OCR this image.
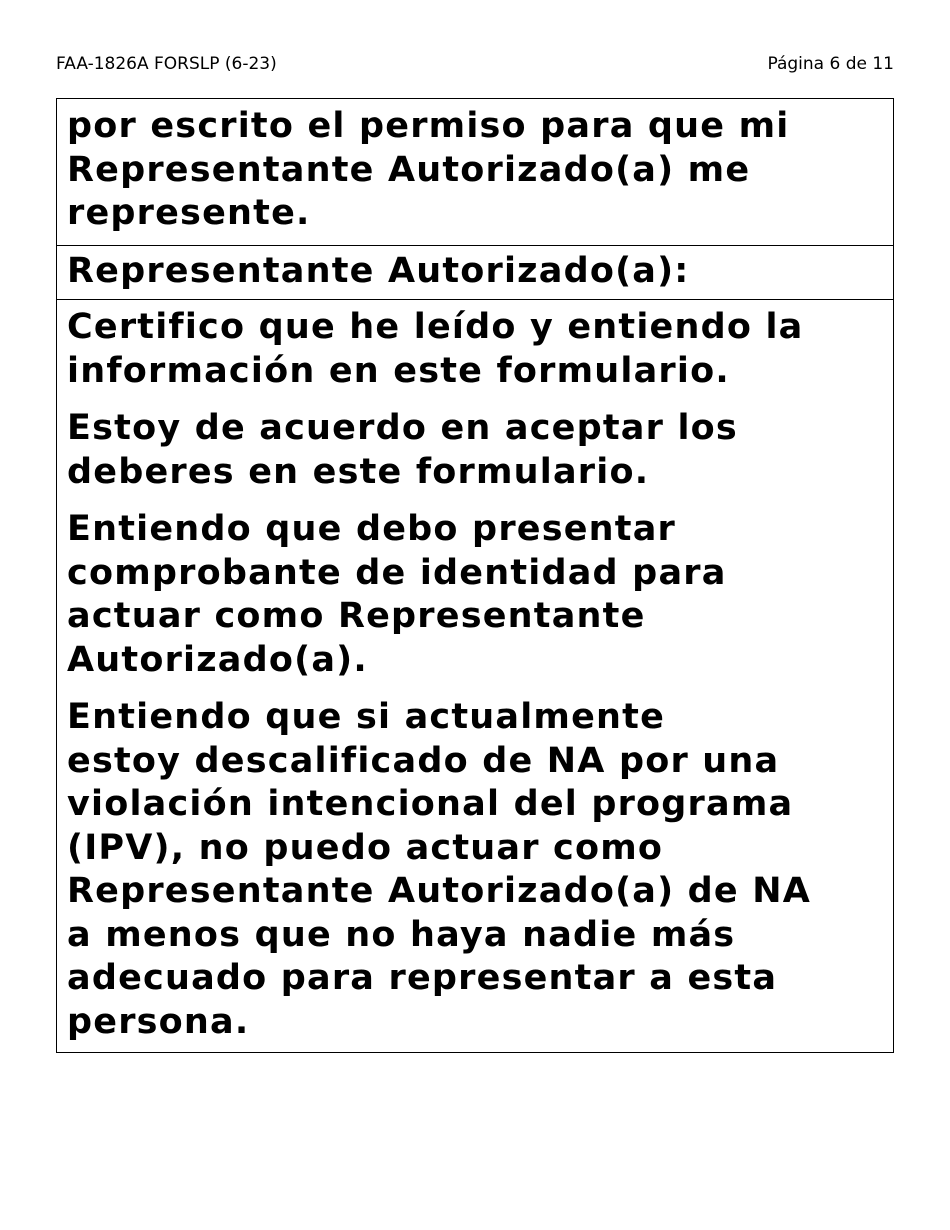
FAA-1826A FORSLP (6-23)	Página 6 de 11

por escrito el permiso para que mi
Representante Autorizado(a) me
represente.

Representante Autorizado(a):

Certifico que he leído y entiendo la
información en este formulario.

Estoy de acuerdo en aceptar los
deberes en este formulario.

Entiendo que debo presentar
comprobante de identidad para
actuar como Representante
Autorizado(a).

Entiendo que si actualmente
estoy descalificado de NA por una
violación intencional del programa
(IPV), no puedo actuar como
Representante Autorizado(a) de NA
a menos que no haya nadie más
adecuado para representar a esta
persona.
